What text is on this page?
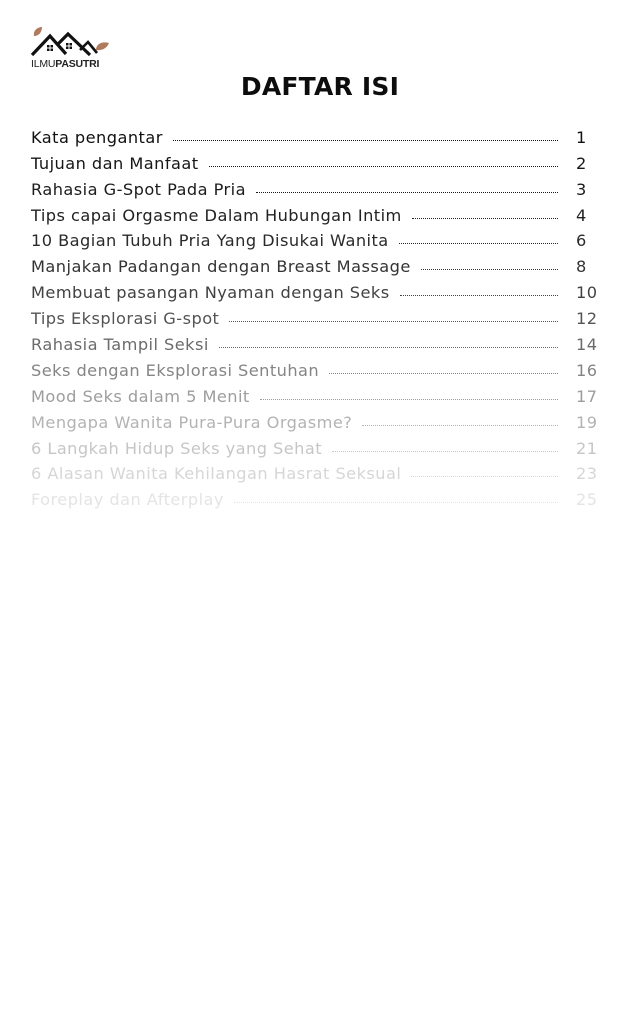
ILMUPASUTRI
DAFTAR ISI
Kata pengantar	1
Tujuan dan Manfaat	2
Rahasia G-Spot Pada Pria	3
Tips capai Orgasme Dalam Hubungan Intim	4
10 Bagian Tubuh Pria Yang Disukai Wanita	6
Manjakan Padangan dengan Breast Massage	8
Membuat pasangan Nyaman dengan Seks	10
Tips Eksplorasi G-spot	12
Rahasia Tampil Seksi	14
Seks dengan Eksplorasi Sentuhan	16
Mood Seks dalam 5 Menit	17
Mengapa Wanita Pura-Pura Orgasme?	19
6 Langkah Hidup Seks yang Sehat	21
6 Alasan Wanita Kehilangan Hasrat Seksual	23
Foreplay dan Afterplay	25
